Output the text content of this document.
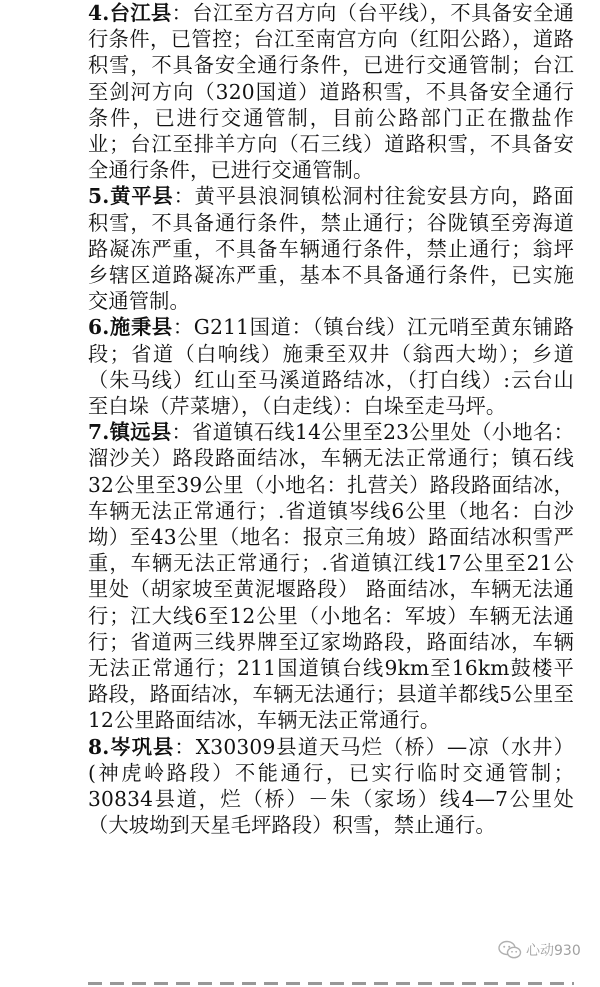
4.台江县：台江至方召方向（台平线），不具备安全通行条件，已管控；台江至南宫方向（红阳公路），道路积雪，不具备安全通行条件，已进行交通管制；台江至剑河方向（320国道）道路积雪，不具备安全通行条件，已进行交通管制，目前公路部门正在撒盐作业；台江至排羊方向（石三线）道路积雪，不具备安全通行条件，已进行交通管制。

5.黄平县：黄平县浪洞镇松洞村往瓮安县方向，路面积雪，不具备通行条件，禁止通行；谷陇镇至旁海道路凝冻严重，不具备车辆通行条件，禁止通行；翁坪乡辖区道路凝冻严重，基本不具备通行条件，已实施交通管制。

6.施秉县：G211国道：（镇台线）江元哨至黄东铺路段；省道（白响线）施秉至双井（翁西大坳）；乡道（朱马线）红山至马溪道路结冰，（打白线）:云台山至白垛（芹菜塘），（白走线）：白垛至走马坪。

7.镇远县：省道镇石线14公里至23公里处（小地名：溜沙关）路段路面结冰，车辆无法正常通行；镇石线32公里至39公里（小地名：扎营关）路段路面结冰，车辆无法正常通行；.省道镇岑线6公里（地名：白沙坳）至43公里（地名：报京三角坡）路面结冰积雪严重，车辆无法正常通行；.省道镇江线17公里至21公里处（胡家坡至黄泥堰路段） 路面结冰，车辆无法通行；江大线6至12公里（小地名：军坡）车辆无法通行；省道两三线界牌至辽家坳路段，路面结冰，车辆无法正常通行；211国道镇台线9km至16km鼓楼平路段，路面结冰，车辆无法通行；县道羊都线5公里至12公里路面结冰，车辆无法正常通行。

8.岑巩县：X30309县道天马烂（桥）—凉（水井）(神虎岭路段）不能通行，已实行临时交通管制；30834县道，烂（桥）－朱（家场）线4—7公里处（大坡坳到天星毛坪路段）积雪，禁止通行。

心动930
